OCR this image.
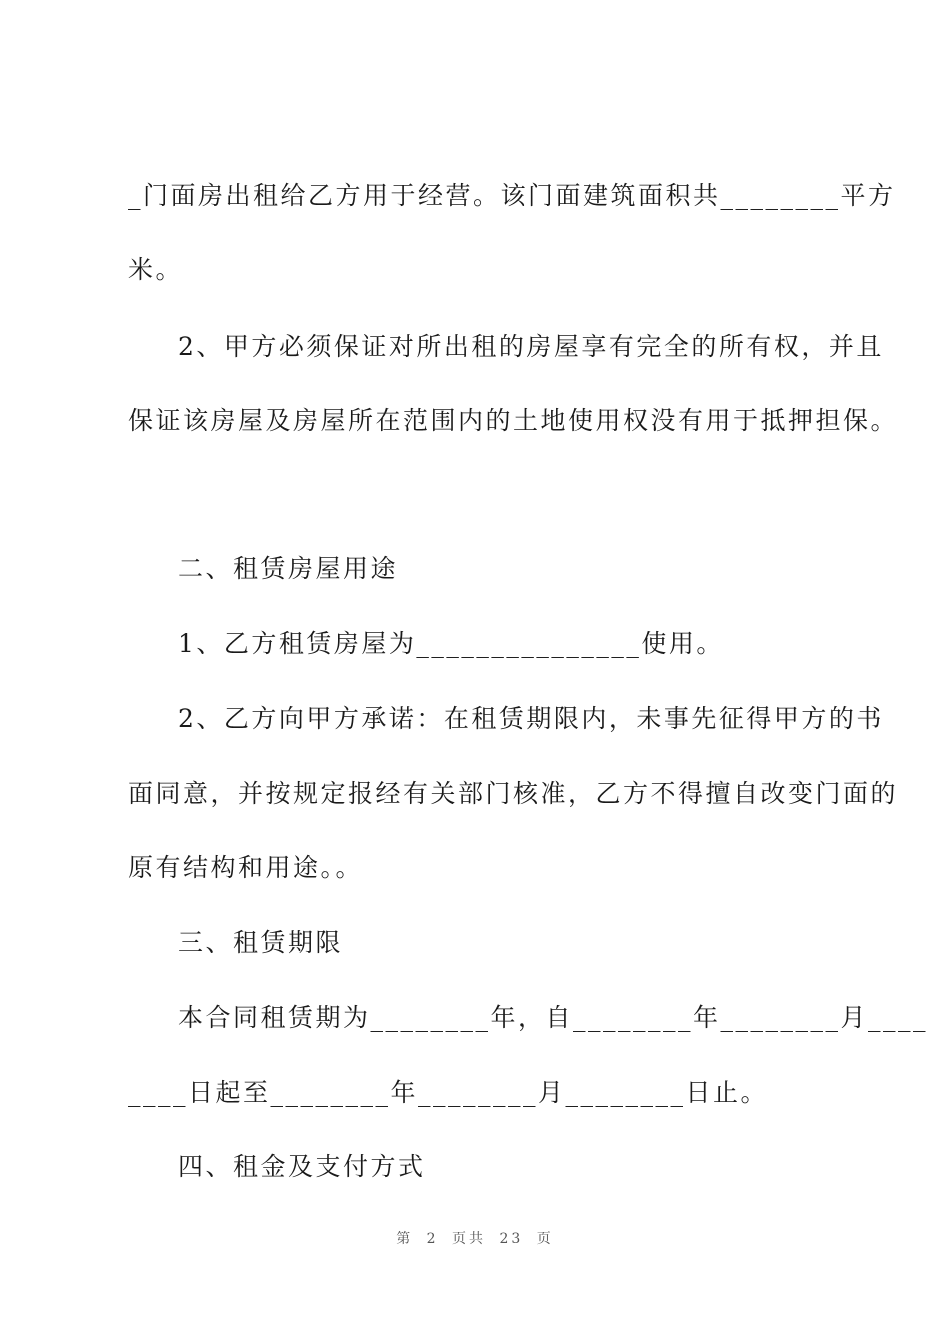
_门面房出租给乙方用于经营。该门面建筑面积共________平方
米。
2、甲方必须保证对所出租的房屋享有完全的所有权，并且
保证该房屋及房屋所在范围内的土地使用权没有用于抵押担保。
二、租赁房屋用途
1、乙方租赁房屋为_______________使用。
2、乙方向甲方承诺：在租赁期限内，未事先征得甲方的书
面同意，并按规定报经有关部门核准，乙方不得擅自改变门面的
原有结构和用途。。
三、租赁期限
本合同租赁期为________年，自________年________月____
____日起至________年________月________日止。
四、租金及支付方式
第 2 页共 23 页
